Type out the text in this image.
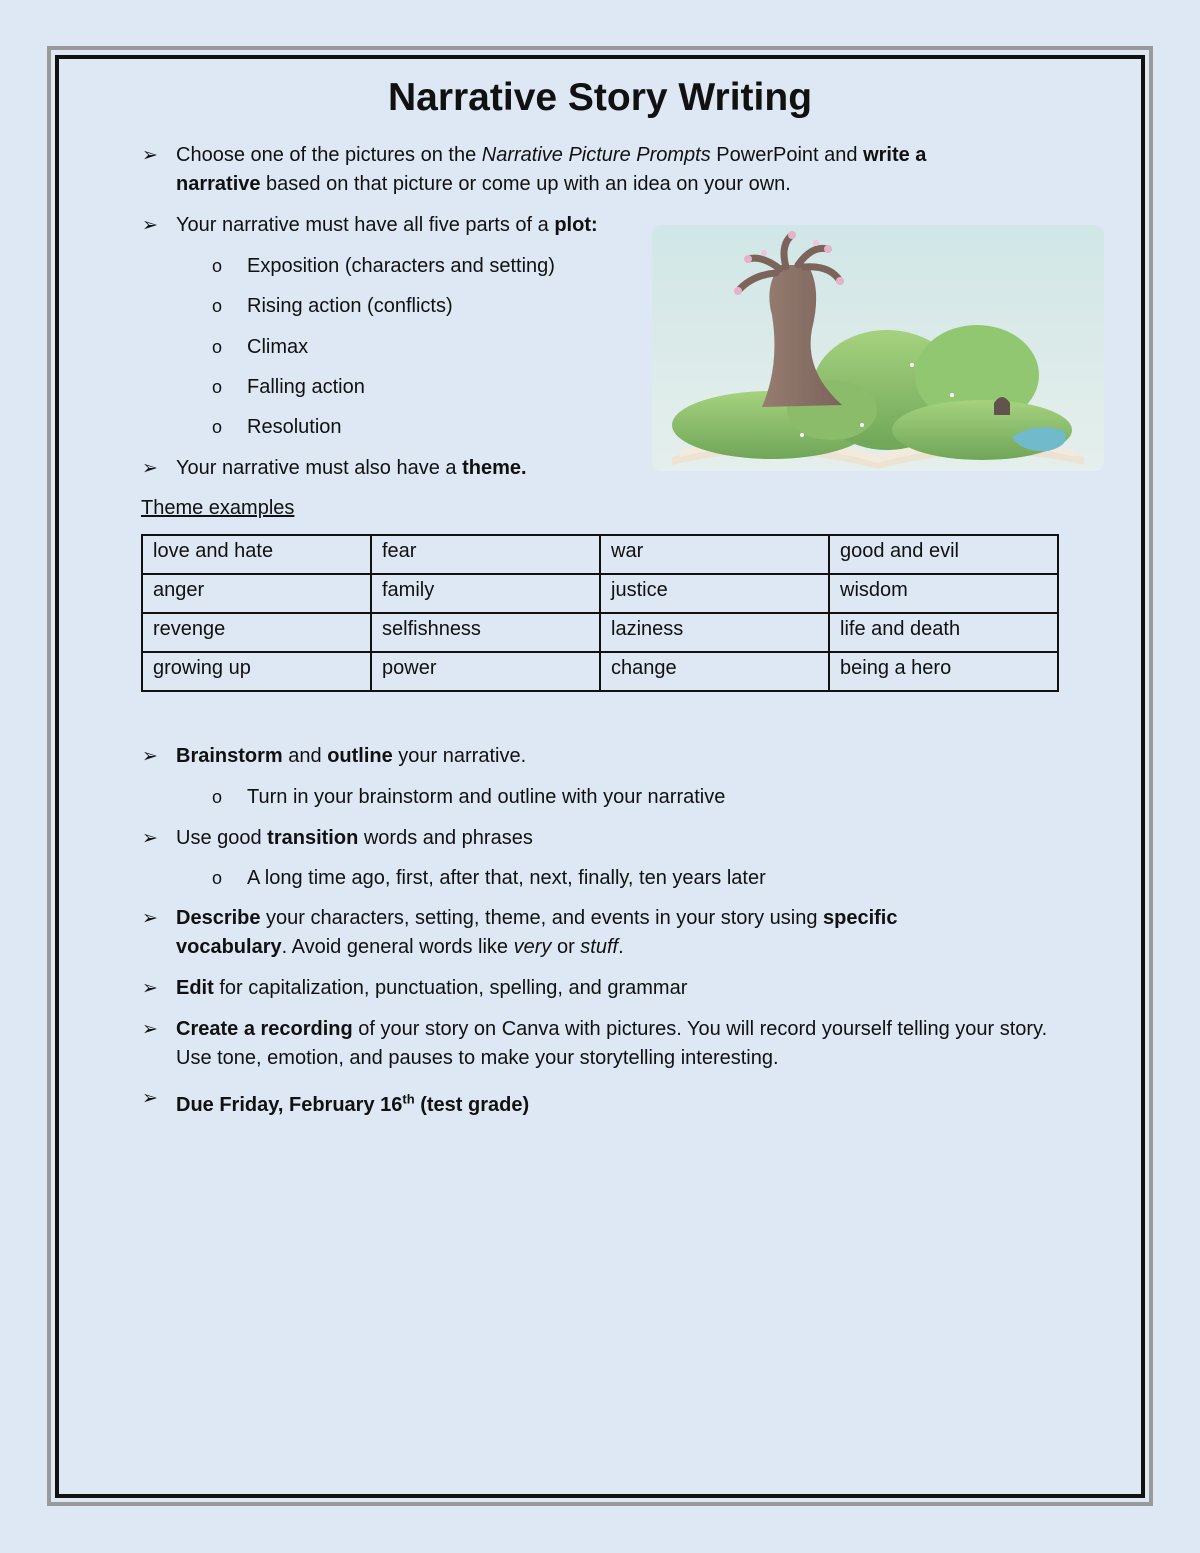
Narrative Story Writing
➢ Choose one of the pictures on the Narrative Picture Prompts PowerPoint and write a
narrative based on that picture or come up with an idea on your own.
➢ Your narrative must have all five parts of a plot:
o Exposition (characters and setting)
o Rising action (conflicts)
o Climax
o Falling action
o Resolution
➢ Your narrative must also have a theme.
Theme examples
love and hate	fear	war	good and evil
anger	family	justice	wisdom
revenge	selfishness	laziness	life and death
growing up	power	change	being a hero
➢ Brainstorm and outline your narrative.
o Turn in your brainstorm and outline with your narrative
➢ Use good transition words and phrases
o A long time ago, first, after that, next, finally, ten years later
➢ Describe your characters, setting, theme, and events in your story using specific vocabulary. Avoid general words like very or stuff.
➢ Edit for capitalization, punctuation, spelling, and grammar
➢ Create a recording of your story on Canva with pictures. You will record yourself telling your story. Use tone, emotion, and pauses to make your storytelling interesting.
➢ Due Friday, February 16th (test grade)
